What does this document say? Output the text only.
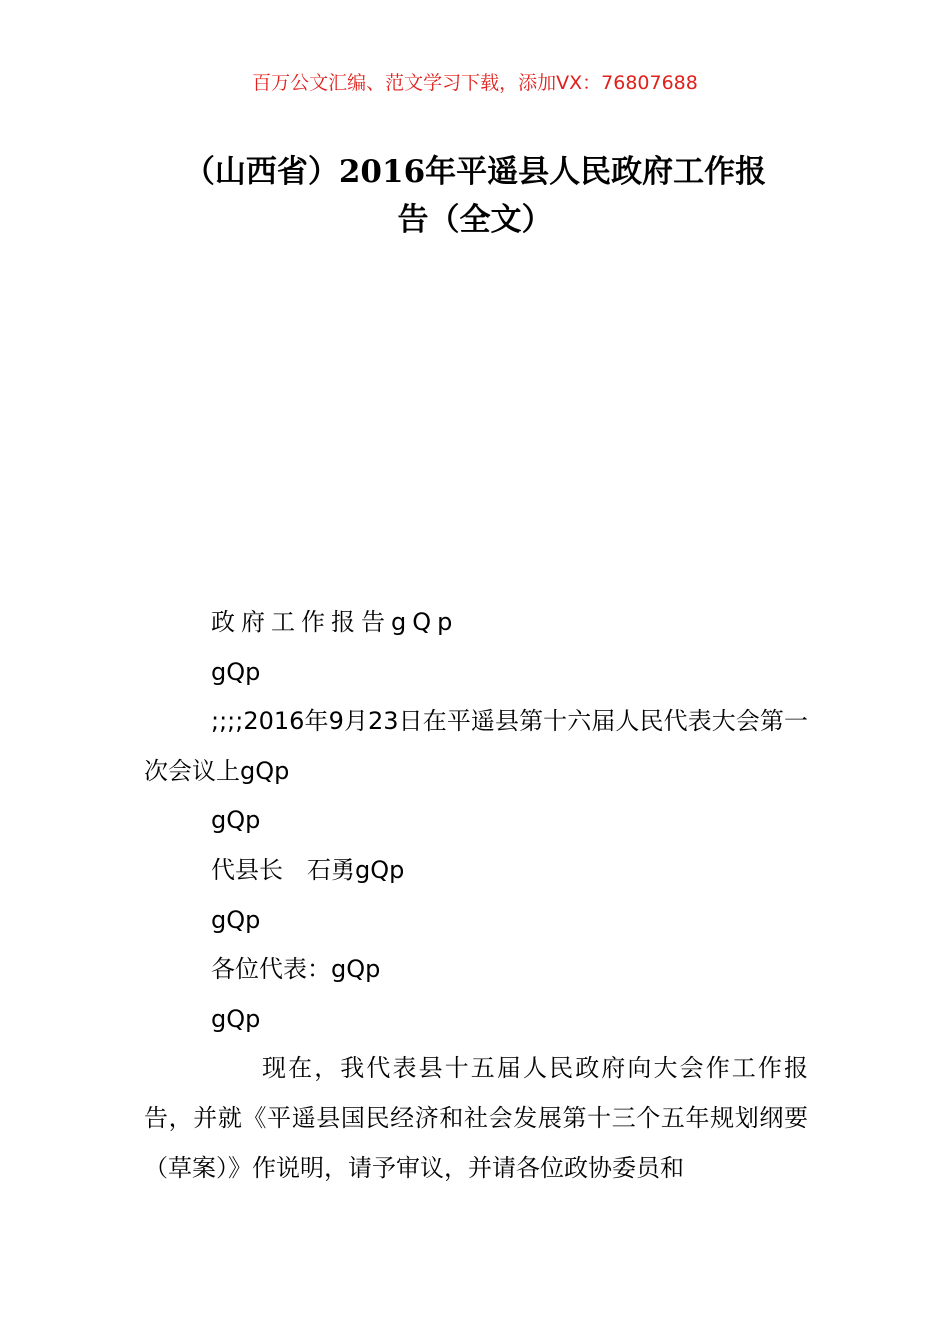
百万公文汇编、范文学习下载，添加VX：76807688
（山西省）2016年平遥县人民政府工作报
告（全文）

政府工作报告gQp

gQp

;;;;2016年9月23日在平遥县第十六届人民代表大会第一次会议上gQp

gQp

代县长　石勇gQp

gQp

各位代表：gQp

gQp

现在，我代表县十五届人民政府向大会作工作报告，并就《平遥县国民经济和社会发展第十三个五年规划纲要（草案）》作说明，请予审议，并请各位政协委员和
